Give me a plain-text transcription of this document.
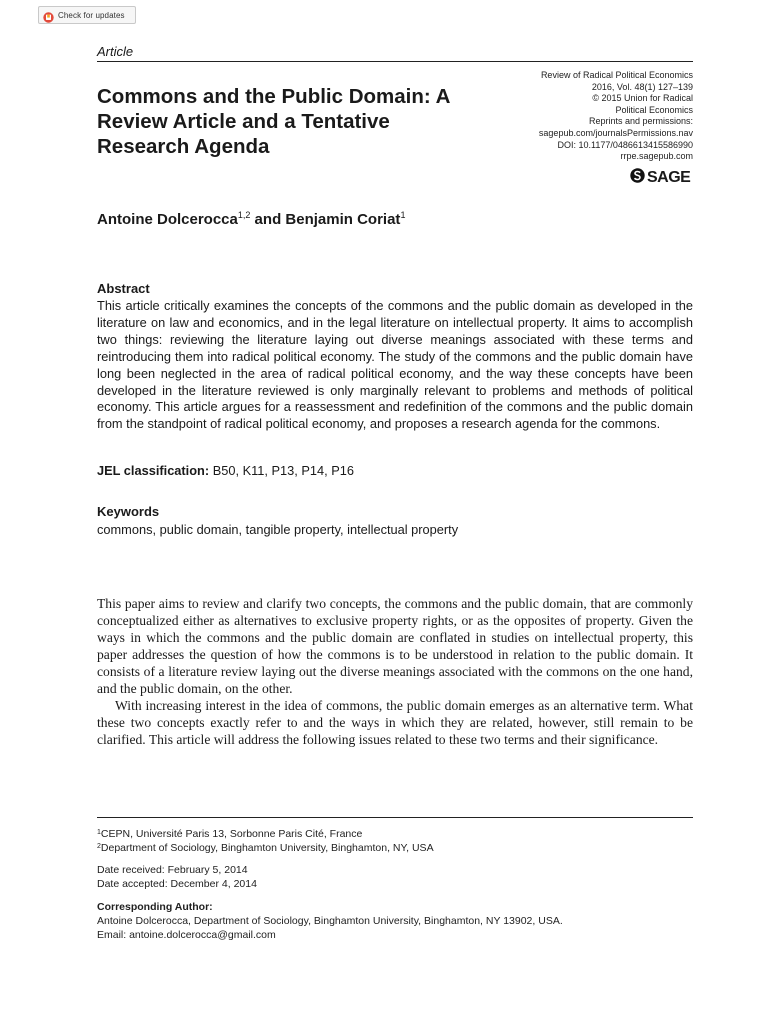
Check for updates
Article
Commons and the Public Domain: A Review Article and a Tentative Research Agenda
Review of Radical Political Economics
2016, Vol. 48(1) 127–139
© 2015 Union for Radical
Political Economics
Reprints and permissions:
sagepub.com/journalsPermissions.nav
DOI: 10.1177/0486613415586990
rrpe.sagepub.com
SAGE
Antoine Dolcerocca$^{1,2}$ and Benjamin Coriat$^1$
Abstract

This article critically examines the concepts of the commons and the public domain as developed in the literature on law and economics, and in the legal literature on intellectual property. It aims to accomplish two things: reviewing the literature laying out diverse meanings associated with these terms and reintroducing them into radical political economy. The study of the commons and the public domain have long been neglected in the area of radical political economy, and the way these concepts have been developed in the literature reviewed is only marginally relevant to problems and methods of political economy. This article argues for a reassessment and redefinition of the commons and the public domain from the standpoint of radical political economy, and proposes a research agenda for the commons.

JEL classification: B50, K11, P13, P14, P16
Keywords
commons, public domain, tangible property, intellectual property

This paper aims to review and clarify two concepts, the commons and the public domain, that are commonly conceptualized either as alternatives to exclusive property rights, or as the opposites of property. Given the ways in which the commons and the public domain are conflated in studies on intellectual property, this paper addresses the question of how the commons is to be understood in relation to the public domain. It consists of a literature review laying out the diverse meanings associated with the commons on the one hand, and the public domain, on the other.

With increasing interest in the idea of commons, the public domain emerges as an alternative term. What these two concepts exactly refer to and the ways in which they are related, however, still remain to be clarified. This article will address the following issues related to these two terms and their significance.

$^1$CEPN, Université Paris 13, Sorbonne Paris Cité, France
$^2$Department of Sociology, Binghamton University, Binghamton, NY, USA
Date received: February 5, 2014
Date accepted: December 4, 2014
Corresponding Author:
Antoine Dolcerocca, Department of Sociology, Binghamton University, Binghamton, NY 13902, USA.
Email: antoine.dolcerocca@gmail.com
